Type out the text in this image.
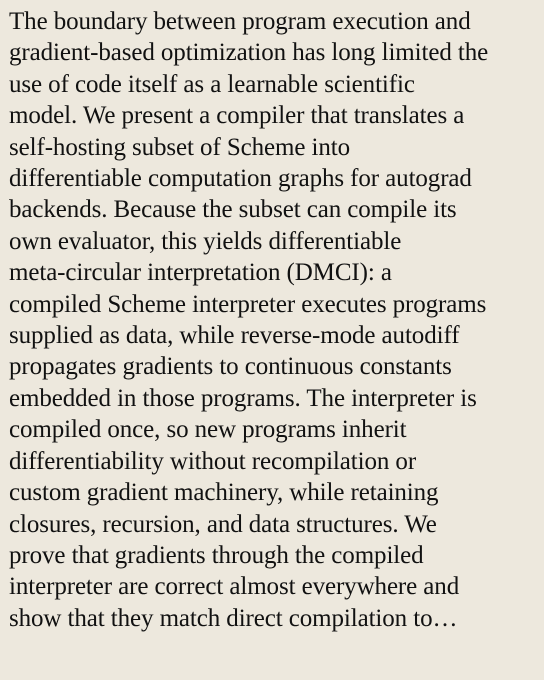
The boundary between program execution and
gradient-based optimization has long limited the
use of code itself as a learnable scientific
model. We present a compiler that translates a
self-hosting subset of Scheme into
differentiable computation graphs for autograd
backends. Because the subset can compile its
own evaluator, this yields differentiable
meta-circular interpretation (DMCI): a
compiled Scheme interpreter executes programs
supplied as data, while reverse-mode autodiff
propagates gradients to continuous constants
embedded in those programs. The interpreter is
compiled once, so new programs inherit
differentiability without recompilation or
custom gradient machinery, while retaining
closures, recursion, and data structures. We
prove that gradients through the compiled
interpreter are correct almost everywhere and
show that they match direct compilation to…
